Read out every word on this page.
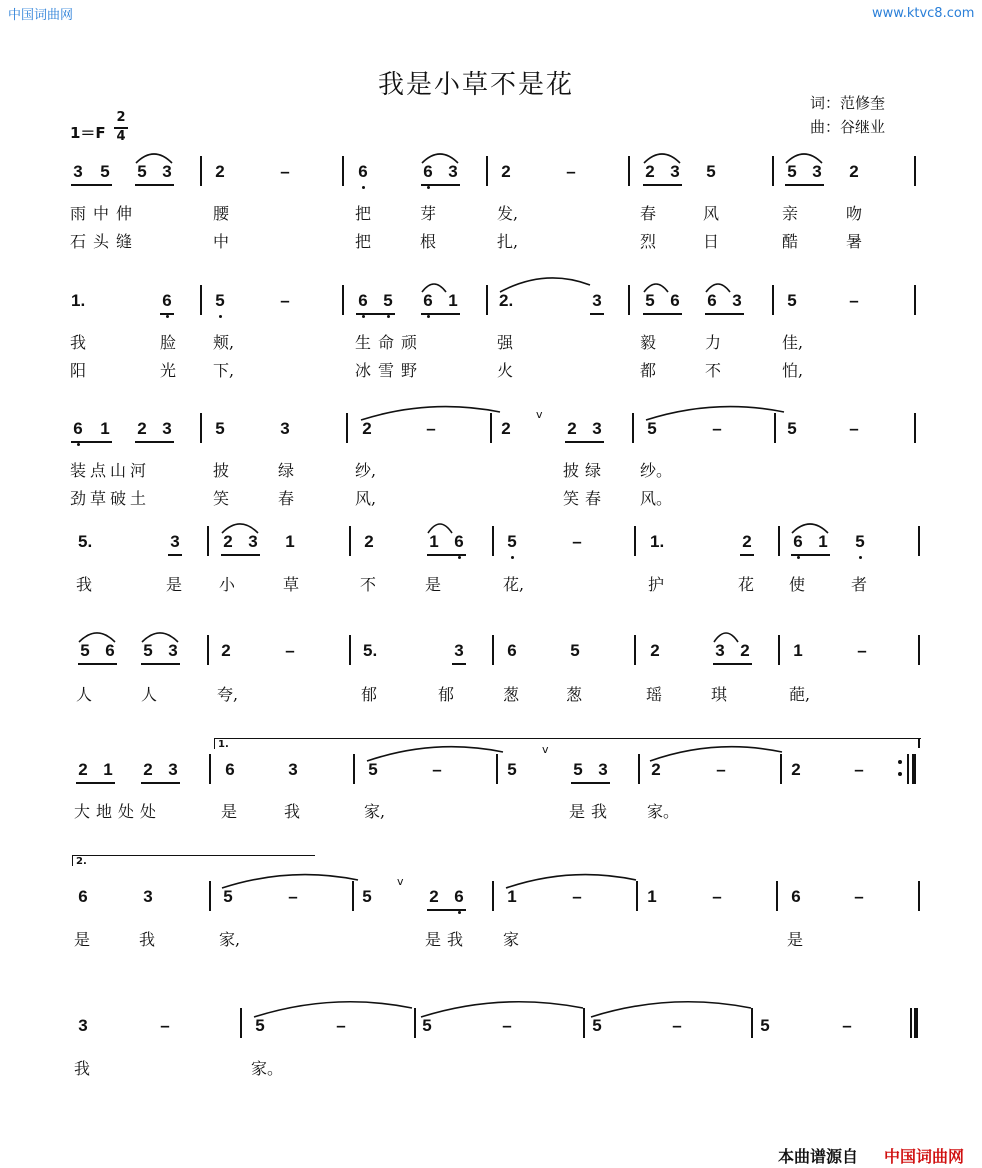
中国词曲网	www.ktvc8.com
我是小草不是花
词：范修奎
曲：谷继业
1＝F
2
4
3 5 5 3	2	–	6	6 3	2	–	2 3 5	5 3 2
雨中伸	腰	把	芽	发,	春	风	亲	吻
石头缝	中	把	根	扎,	烈	日	酷	暑
1.	6	5	–	6 5 6 1 2.	3	5 6 6 3	5	–
我	脸 颊,	生命顽	强	毅	力	佳,
阳	光 下,	冰雪野	火	都	不	怕,
6 1 2 3	5	3	2	–	2	2 3	5	–	5	–
v
装点山河	披	绿	纱,	披绿 纱。
劲草破土	笑	春	风,	笑春 风。
5.	3	2 3 1	2	1 6	5	–	1.	2 6 1 5
我	是 小	草	不	是	花,	护	花 使	者
5 6 5 3	2	–	5.	3	6	5	2	3 2	1	–
人	人	夸,	郁	郁	葱	葱	瑶	琪	葩,
1.
2 1 2 3	6	3	5	–	5	5 3	2	–	2	–
v
大地处处	是	我	家,	是我 家。
2.
6	3	5	–	5	2 6	1	–	1	–	6	–
v
是	我	家,	是我 家	是
3	–	5	–	5	–	5	–	5	–
我	家。
本曲谱源自 中国词曲网
